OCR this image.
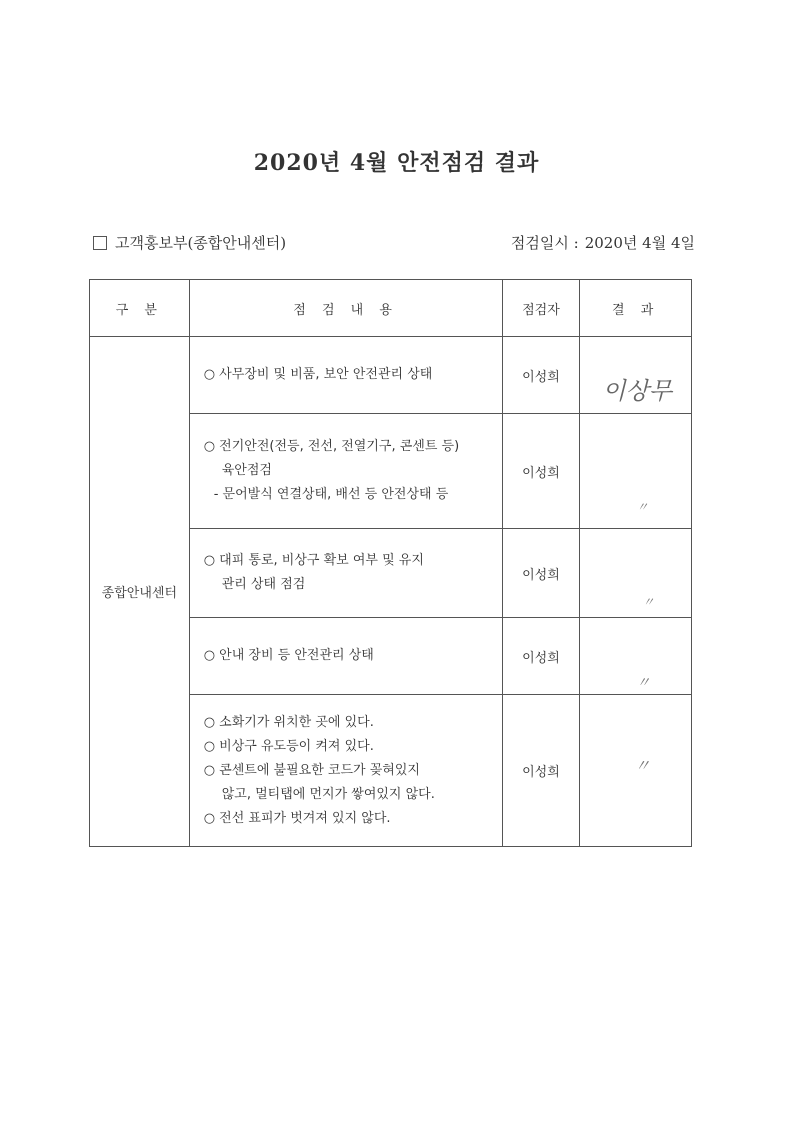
2020년 4월 안전점검 결과
고객홍보부(종합안내센터)	점검일시 : 2020년 4월 4일
구 분	점 검 내 용	점검자	결 과
종합안내센터	○ 사무장비 및 비품, 보안 안전관리 상태	이성희	이상무

	○ 전기안전(전등, 전선, 전열기구, 콘센트 등)
육안점검
- 문어발식 연결상태, 배선 등 안전상태 등	이성희	〃

	○ 대피 통로, 비상구 확보 여부 및 유지
관리 상태 점검	이성희	〃

	○ 안내 장비 등 안전관리 상태	이성희	〃

	○ 소화기가 위치한 곳에 있다.
○ 비상구 유도등이 켜져 있다.
○ 콘센트에 불필요한 코드가 꽂혀있지
않고, 멀티탭에 먼지가 쌓여있지 않다.
○ 전선 표피가 벗겨져 있지 않다.	이성희	〃
